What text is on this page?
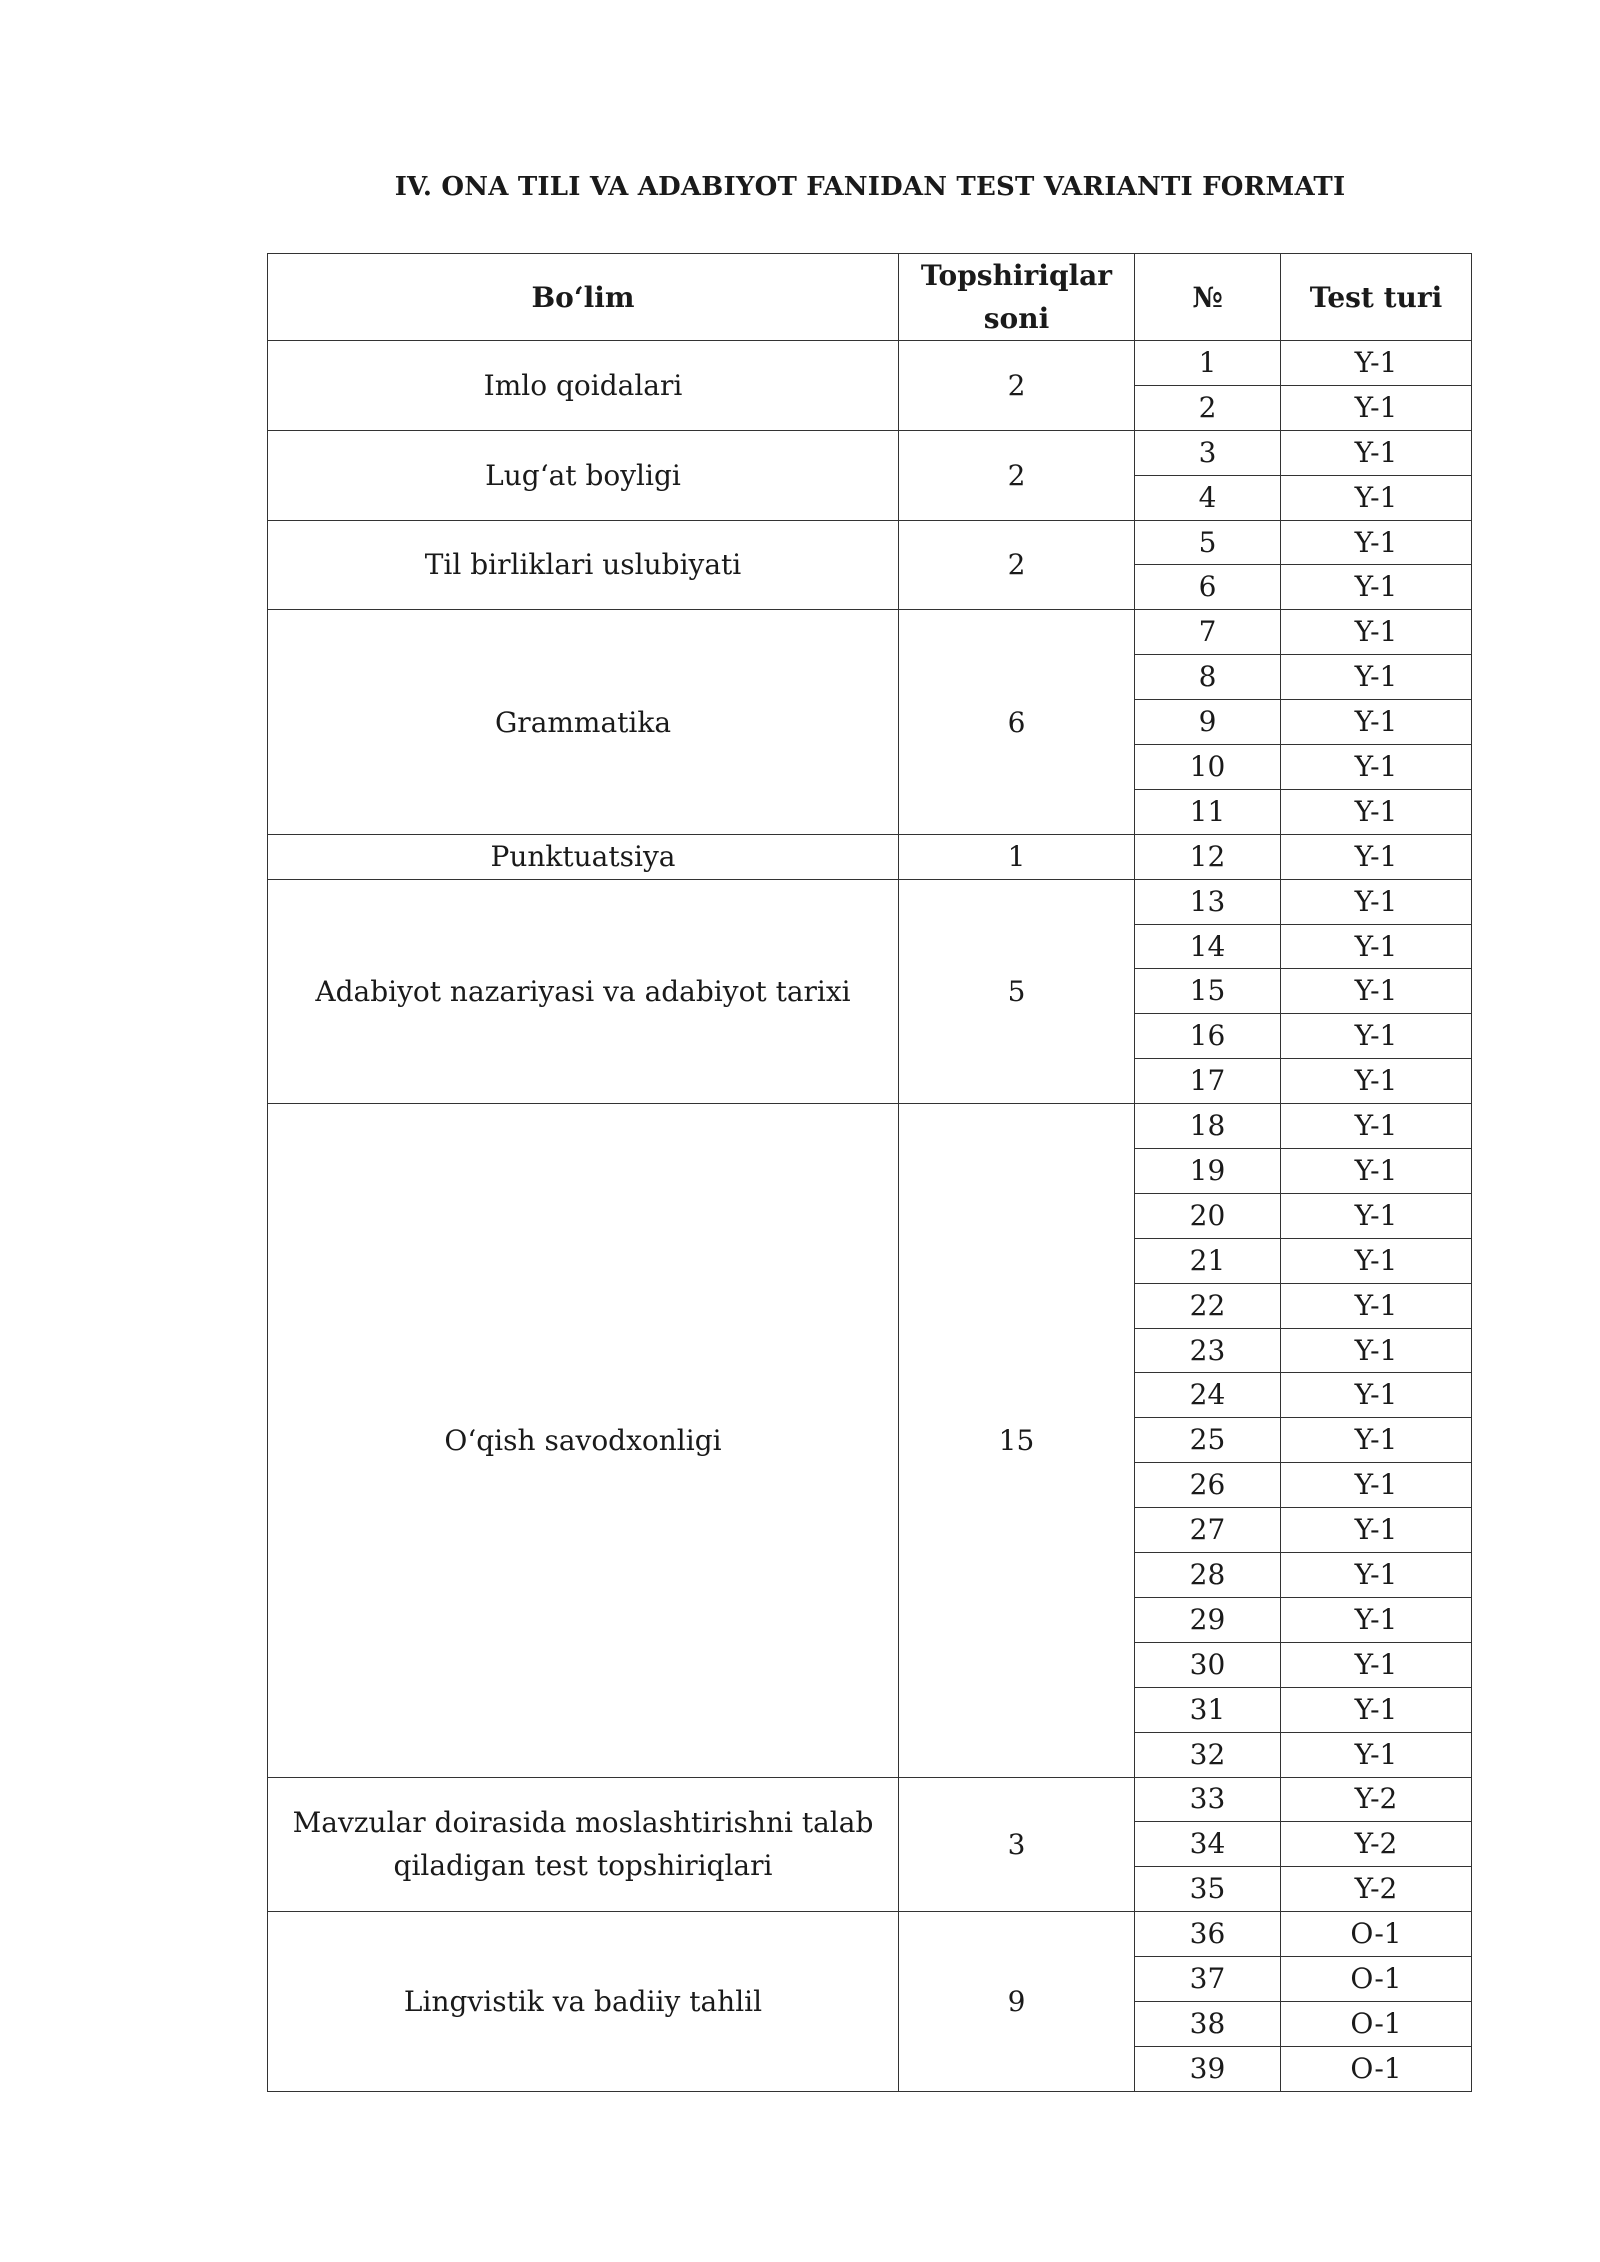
IV. ONA TILI VA ADABIYOT FANIDAN TEST VARIANTI FORMATI
Bo‘lim	Topshiriqlar soni	№	Test turi
Imlo qoidalari	2	1	Y-1
		2	Y-1
Lug‘at boyligi	2	3	Y-1
		4	Y-1
Til birliklari uslubiyati	2	5	Y-1
		6	Y-1
Grammatika	6	7	Y-1
		8	Y-1
		9	Y-1
		10	Y-1
		11	Y-1
Punktuatsiya	1	12	Y-1
Adabiyot nazariyasi va adabiyot tarixi	5	13	Y-1
		14	Y-1
		15	Y-1
		16	Y-1
		17	Y-1
O‘qish savodxonligi	15	18	Y-1
		19	Y-1
		20	Y-1
		21	Y-1
		22	Y-1
		23	Y-1
		24	Y-1
		25	Y-1
		26	Y-1
		27	Y-1
		28	Y-1
		29	Y-1
		30	Y-1
		31	Y-1
		32	Y-1
Mavzular doirasida moslashtirishni talab qiladigan test topshiriqlari	3	33	Y-2
		34	Y-2
		35	Y-2
Lingvistik va badiiy tahlil	9	36	O-1
		37	O-1
		38	O-1
		39	O-1
